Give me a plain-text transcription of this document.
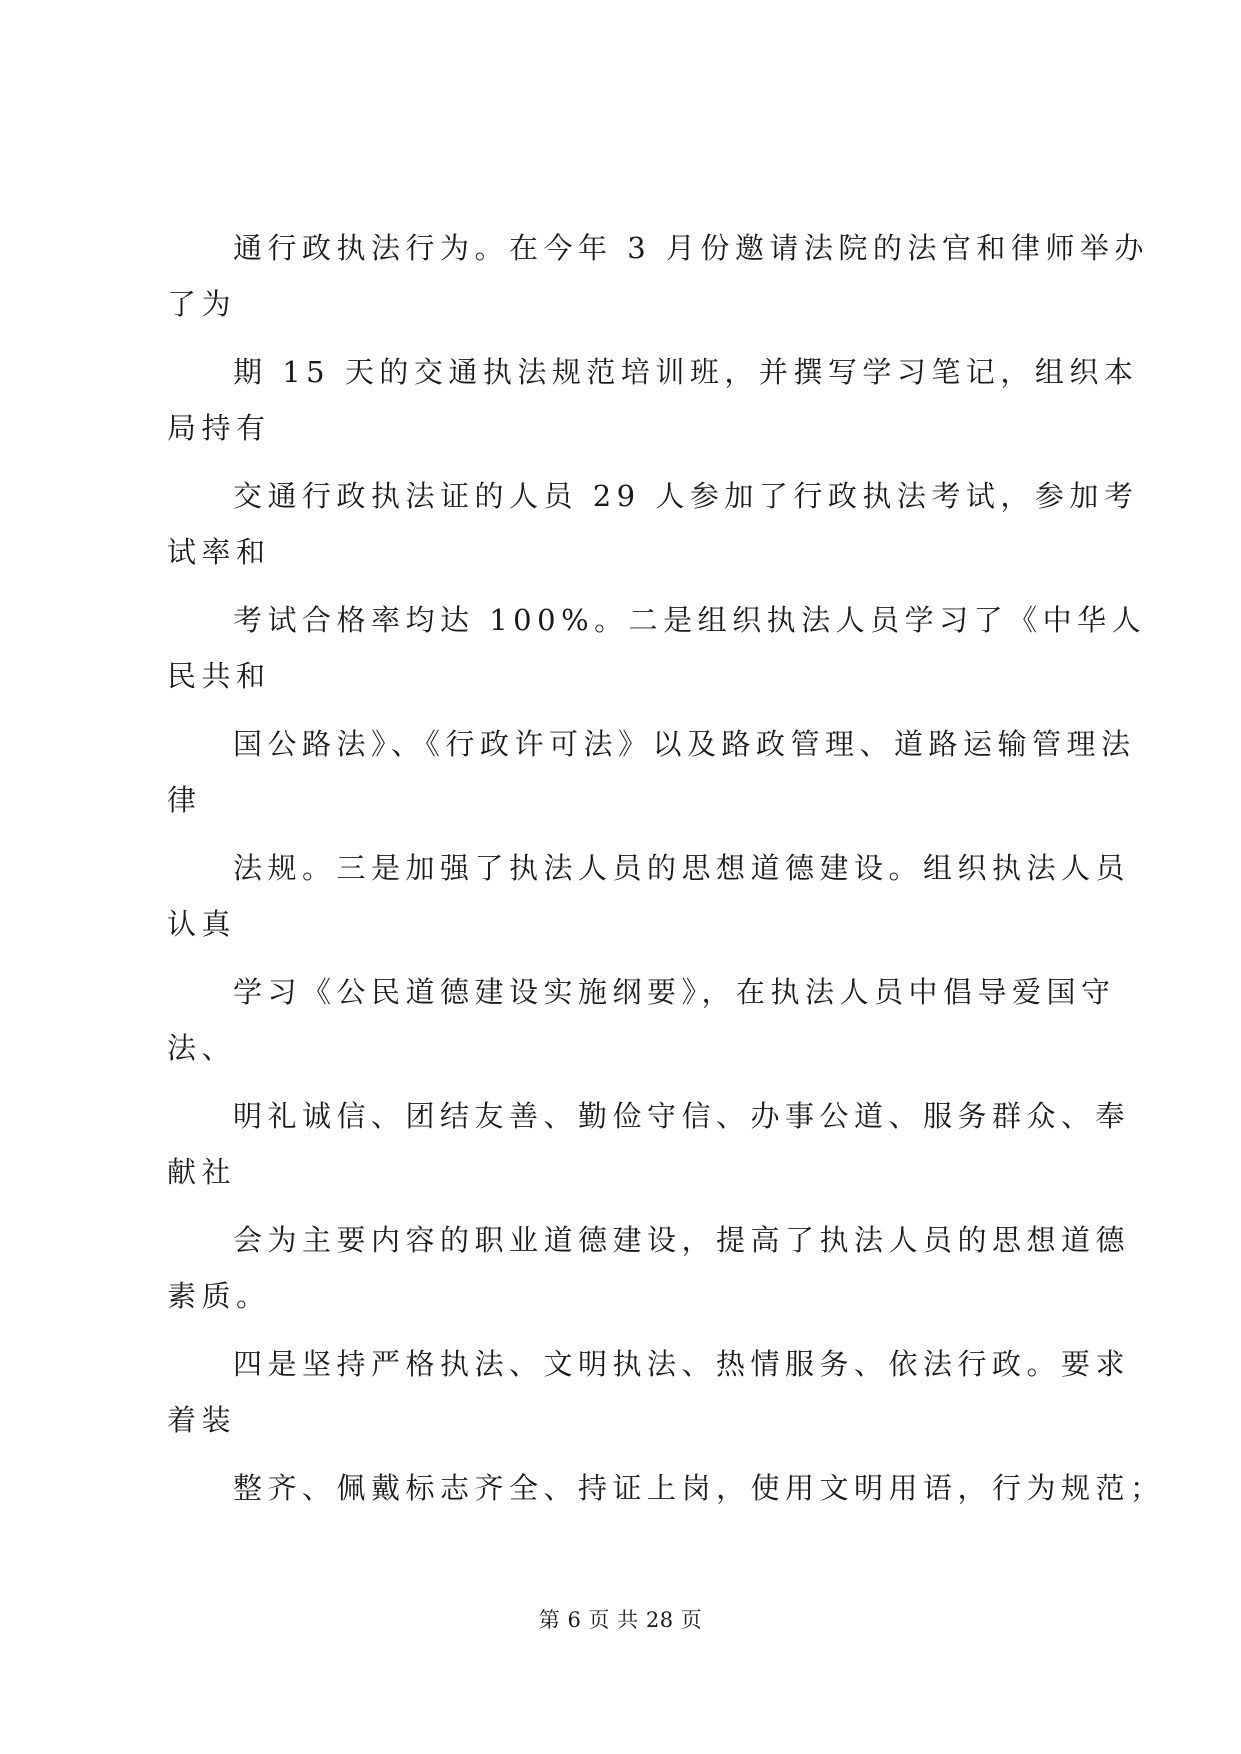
通行政执法行为。在今年 3 月份邀请法院的法官和律师举办
了为
期 15 天的交通执法规范培训班，并撰写学习笔记，组织本
局持有
交通行政执法证的人员 29 人参加了行政执法考试，参加考
试率和
考试合格率均达 100%。二是组织执法人员学习了《中华人
民共和
国公路法》、《行政许可法》以及路政管理、道路运输管理法
律
法规。三是加强了执法人员的思想道德建设。组织执法人员
认真
学习《公民道德建设实施纲要》，在执法人员中倡导爱国守
法、
明礼诚信、团结友善、勤俭守信、办事公道、服务群众、奉
献社
会为主要内容的职业道德建设，提高了执法人员的思想道德
素质。
四是坚持严格执法、文明执法、热情服务、依法行政。要求
着装
整齐、佩戴标志齐全、持证上岗，使用文明用语，行为规范；
第 6 页 共 28 页
